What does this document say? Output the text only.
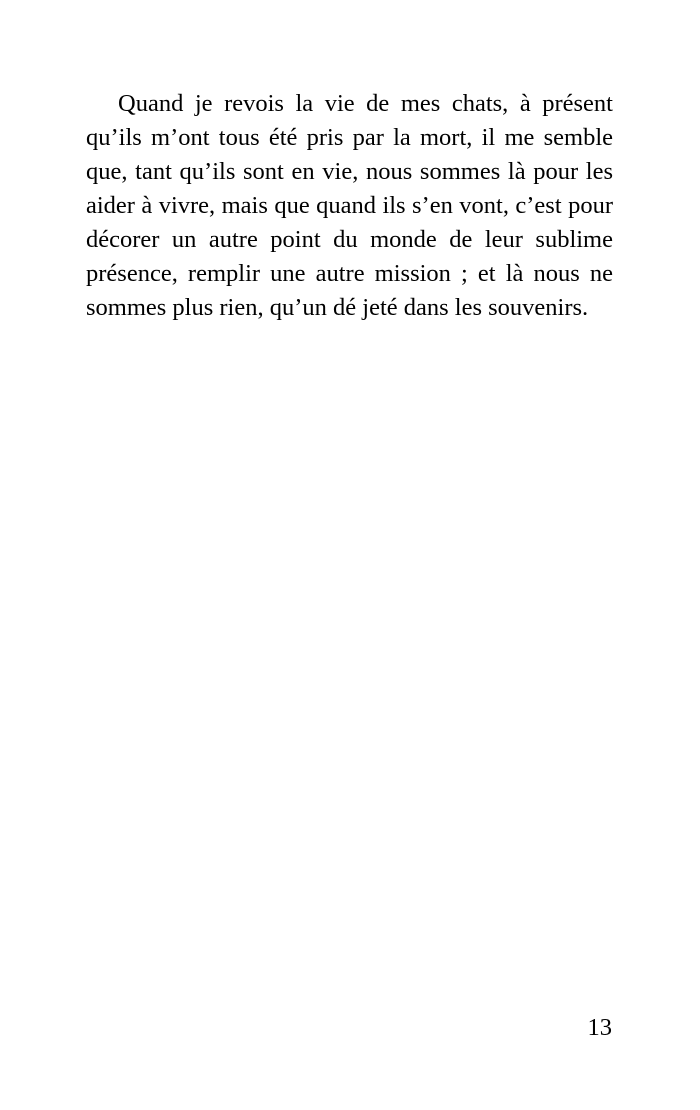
Quand je revois la vie de mes chats, à présent
qu’ils m’ont tous été pris par la mort, il me semble
que, tant qu’ils sont en vie, nous sommes là pour les
aider à vivre, mais que quand ils s’en vont, c’est pour
décorer un autre point du monde de leur sublime
présence, remplir une autre mission ; et là nous ne
sommes plus rien, qu’un dé jeté dans les souvenirs.
13
